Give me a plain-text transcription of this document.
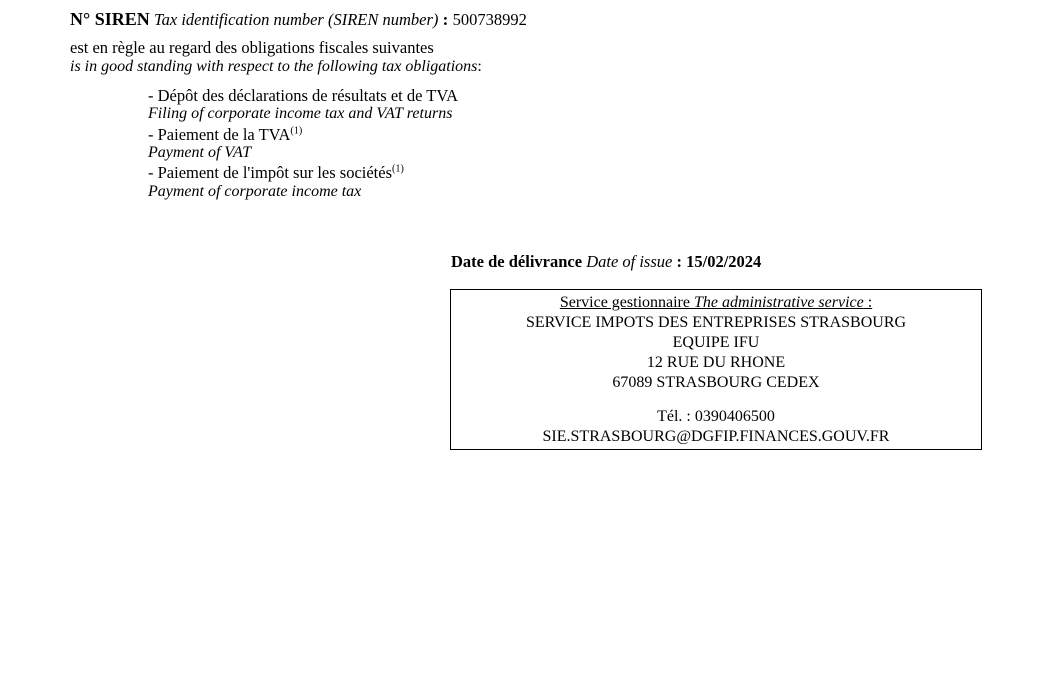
N° SIREN Tax identification number (SIREN number) : 500738992
est en règle au regard des obligations fiscales suivantes
is in good standing with respect to the following tax obligations:
- Dépôt des déclarations de résultats et de TVA
Filing of corporate income tax and VAT returns
- Paiement de la TVA$^{(1)}$
Payment of VAT
- Paiement de l'impôt sur les sociétés$^{(1)}$
Payment of corporate income tax
Date de délivrance Date of issue : 15/02/2024
Service gestionnaire The administrative service :
SERVICE IMPOTS DES ENTREPRISES STRASBOURG
EQUIPE IFU
12 RUE DU RHONE
67089 STRASBOURG CEDEX
Tél. : 0390406500
SIE.STRASBOURG@DGFIP.FINANCES.GOUV.FR
